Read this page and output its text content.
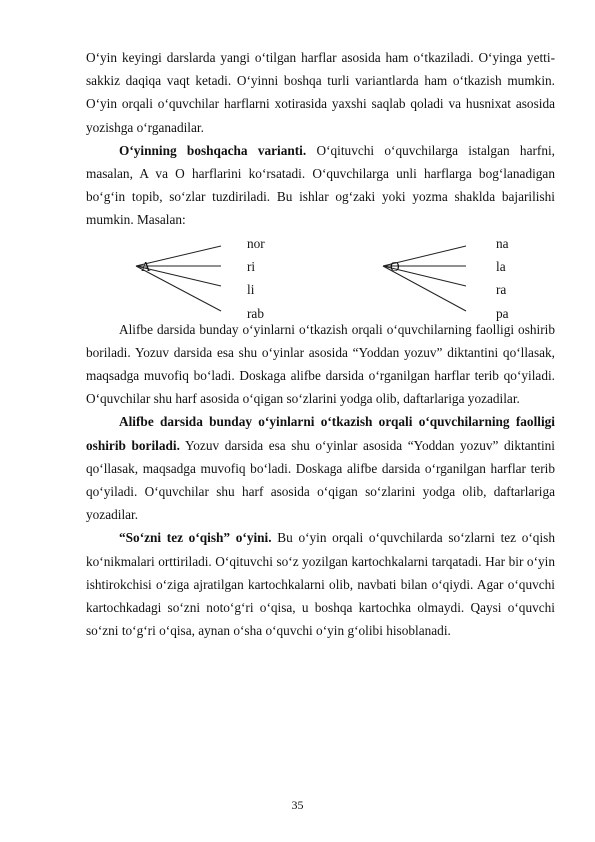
O‘yin keyingi darslarda yangi o‘tilgan harflar asosida ham o‘tkaziladi. O‘yinga yetti-sakkiz daqiqa vaqt ketadi. O‘yinni boshqa turli variantlarda ham o‘tkazish mumkin. O‘yin orqali o‘quvchilar harflarni xotirasida yaxshi saqlab qoladi va husnixat asosida yozishga o‘rganadilar.

O‘yinning boshqacha varianti. O‘qituvchi o‘quvchilarga istalgan harfni, masalan, A va O harflarini ko‘rsatadi. O‘quvchilarga unli harflarga bog‘lanadigan bo‘g‘in topib, so‘zlar tuzdiriladi. Bu ishlar og‘zaki yoki yozma shaklda bajarilishi mumkin. Masalan:

A
nor
ri
li
rab
O
na
la
ra
pa

Alifbe darsida bunday o‘yinlarni o‘tkazish orqali o‘quvchilarning faolligi oshirib boriladi. Yozuv darsida esa shu o‘yinlar asosida “Yoddan yozuv” diktantini qo‘llasak, maqsadga muvofiq bo‘ladi. Doskaga alifbe darsida o‘rganilgan harflar terib qo‘yiladi. O‘quvchilar shu harf asosida o‘qigan so‘zlarini yodga olib, daftarlariga yozadilar.

Alifbe darsida bunday o‘yinlarni o‘tkazish orqali o‘quvchilarning faolligi oshirib boriladi. Yozuv darsida esa shu o‘yinlar asosida “Yoddan yozuv” diktantini qo‘llasak, maqsadga muvofiq bo‘ladi. Doskaga alifbe darsida o‘rganilgan harflar terib qo‘yiladi. O‘quvchilar shu harf asosida o‘qigan so‘zlarini yodga olib, daftarlariga yozadilar.

“So‘zni tez o‘qish” o‘yini. Bu o‘yin orqali o‘quvchilarda so‘zlarni tez o‘qish ko‘nikmalari orttiriladi. O‘qituvchi so‘z yozilgan kartochkalarni tarqatadi. Har bir o‘yin ishtirokchisi o‘ziga ajratilgan kartochkalarni olib, navbati bilan o‘qiydi. Agar o‘quvchi kartochkadagi so‘zni noto‘g‘ri o‘qisa, u boshqa kartochka olmaydi. Qaysi o‘quvchi so‘zni to‘g‘ri o‘qisa, aynan o‘sha o‘quvchi o‘yin g‘olibi hisoblanadi.

35
